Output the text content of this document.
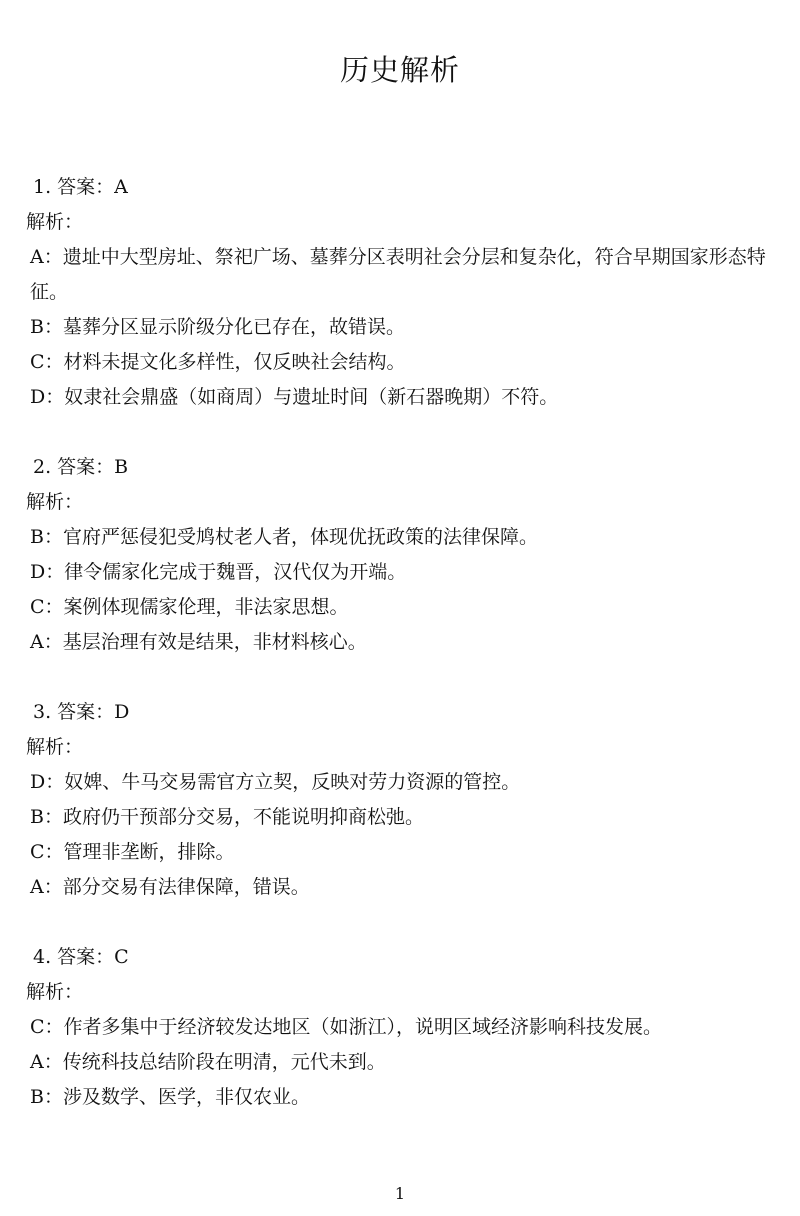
历史解析
1. 答案：A
解析：
A：遗址中大型房址、祭祀广场、墓葬分区表明社会分层和复杂化，符合早期国家形态特征。
B：墓葬分区显示阶级分化已存在，故错误。
C：材料未提文化多样性，仅反映社会结构。
D：奴隶社会鼎盛（如商周）与遗址时间（新石器晚期）不符。
2. 答案：B
解析：
B：官府严惩侵犯受鸠杖老人者，体现优抚政策的法律保障。
D：律令儒家化完成于魏晋，汉代仅为开端。
C：案例体现儒家伦理，非法家思想。
A：基层治理有效是结果，非材料核心。
3. 答案：D
解析：
D：奴婢、牛马交易需官方立契，反映对劳力资源的管控。
B：政府仍干预部分交易，不能说明抑商松弛。
C：管理非垄断，排除。
A：部分交易有法律保障，错误。
4. 答案：C
解析：
C：作者多集中于经济较发达地区（如浙江），说明区域经济影响科技发展。
A：传统科技总结阶段在明清，元代未到。
B：涉及数学、医学，非仅农业。
1
